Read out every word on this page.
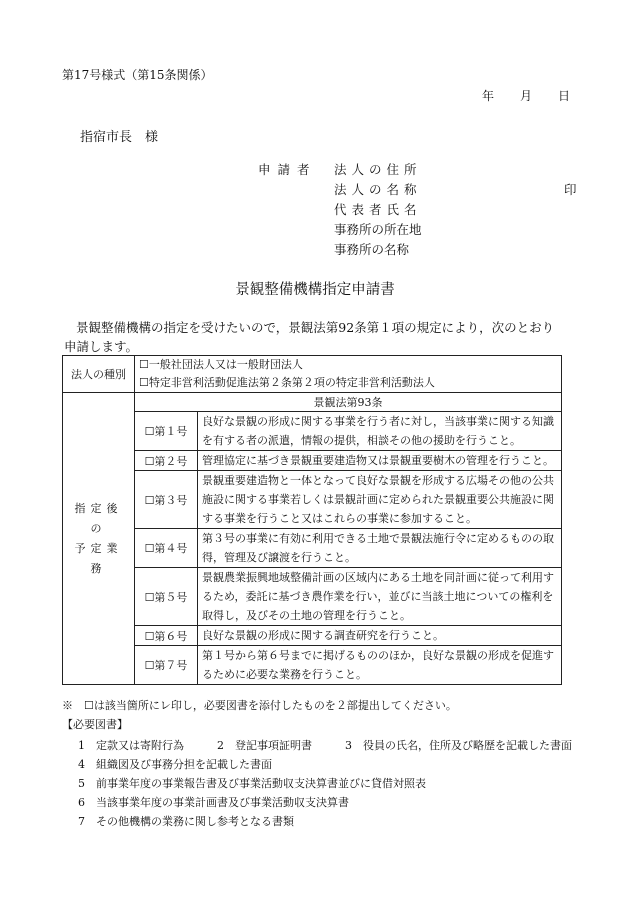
第17号様式（第15条関係）
年 月 日
指宿市長　様
申請者 法人の住所
法人の名称	印
代表者氏名
事務所の所在地
事務所の名称
景観整備機構指定申請書
景観整備機構の指定を受けたいので，景観法第92条第１項の規定により，次のとおり申請します。
法人の種別	☐一般社団法人又は一般財団法人
☐特定非営利活動促進法第２条第２項の特定非営利活動法人	

指定後の
予定業務	景観法第93条	
	☐第１号	良好な景観の形成に関する事業を行う者に対し，当該事業に関する知識を有する者の派遣，情報の提供，相談その他の援助を行うこと。
	☐第２号	管理協定に基づき景観重要建造物又は景観重要樹木の管理を行うこと。
	☐第３号	景観重要建造物と一体となって良好な景観を形成する広場その他の公共施設に関する事業若しくは景観計画に定められた景観重要公共施設に関する事業を行うこと又はこれらの事業に参加すること。
	☐第４号	第３号の事業に有効に利用できる土地で景観法施行令に定めるものの取得，管理及び譲渡を行うこと。
	☐第５号	景観農業振興地域整備計画の区域内にある土地を同計画に従って利用するため，委託に基づき農作業を行い，並びに当該土地についての権利を取得し，及びその土地の管理を行うこと。
	☐第６号	良好な景観の形成に関する調査研究を行うこと。
	☐第７号	第１号から第６号までに掲げるもののほか，良好な景観の形成を促進するために必要な業務を行うこと。
※　☐は該当箇所にレ印し，必要図書を添付したものを２部提出してください。
【必要図書】
1　定款又は寄附行為　　　2　登記事項証明書　　　3　役員の氏名，住所及び略歴を記載した書面
4　組織図及び事務分担を記載した書面
5　前事業年度の事業報告書及び事業活動収支決算書並びに貸借対照表
6　当該事業年度の事業計画書及び事業活動収支決算書
7　その他機構の業務に関し参考となる書類
